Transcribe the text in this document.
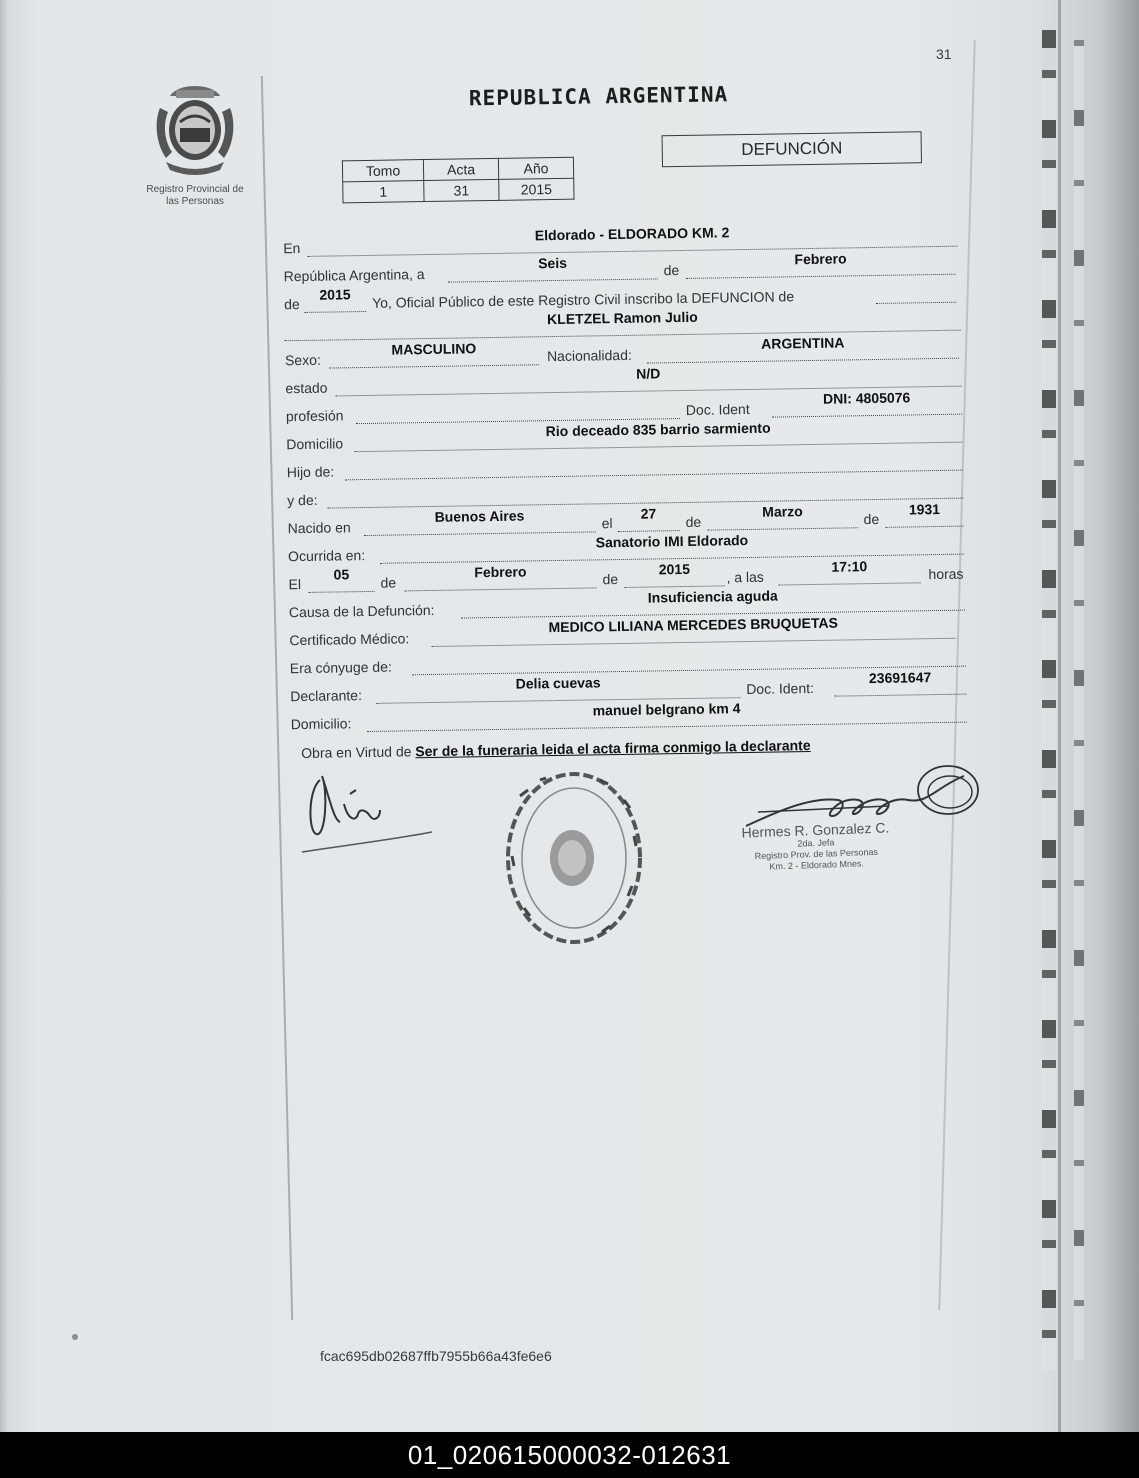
Registro Provincial de
las Personas
31
REPUBLICA ARGENTINA
Tomo	Acta	Año
1	31	2015
DEFUNCIÓN
En
Eldorado - ELDORADO KM. 2
República Argentina, a
Seis	de
Febrero
de
2015	Yo, Oficial Público de este Registro Civil inscribo la DEFUNCION de
KLETZEL Ramon Julio
Sexo:
MASCULINO	Nacionalidad:
ARGENTINA
estado
N/D
profesión	Doc. Ident
DNI: 4805076
Domicilio
Rio deceado 835 barrio sarmiento
Hijo de:
y de:
Nacido en
Buenos Aires	el
27
de
Marzo	de
1931
Ocurrida en:
Sanatorio IMI Eldorado
El
05
de
Febrero	de
2015	, a las
17:10	horas
Causa de la Defunción:
Insuficiencia aguda
Certificado Médico:
MEDICO LILIANA MERCEDES BRUQUETAS
Era cónyuge de:
Declarante:
Delia cuevas	Doc. Ident:
23691647
Domicilio:
manuel belgrano km 4
Obra en Virtud de Ser de la funeraria leida el acta firma conmigo la declarante
Hermes R. Gonzalez C.
2da. Jefa
Registro Prov. de las Personas
Km. 2 - Eldorado Mnes.
fcac695db02687ffb7955b66a43fe6e6
01_020615000032-012631
